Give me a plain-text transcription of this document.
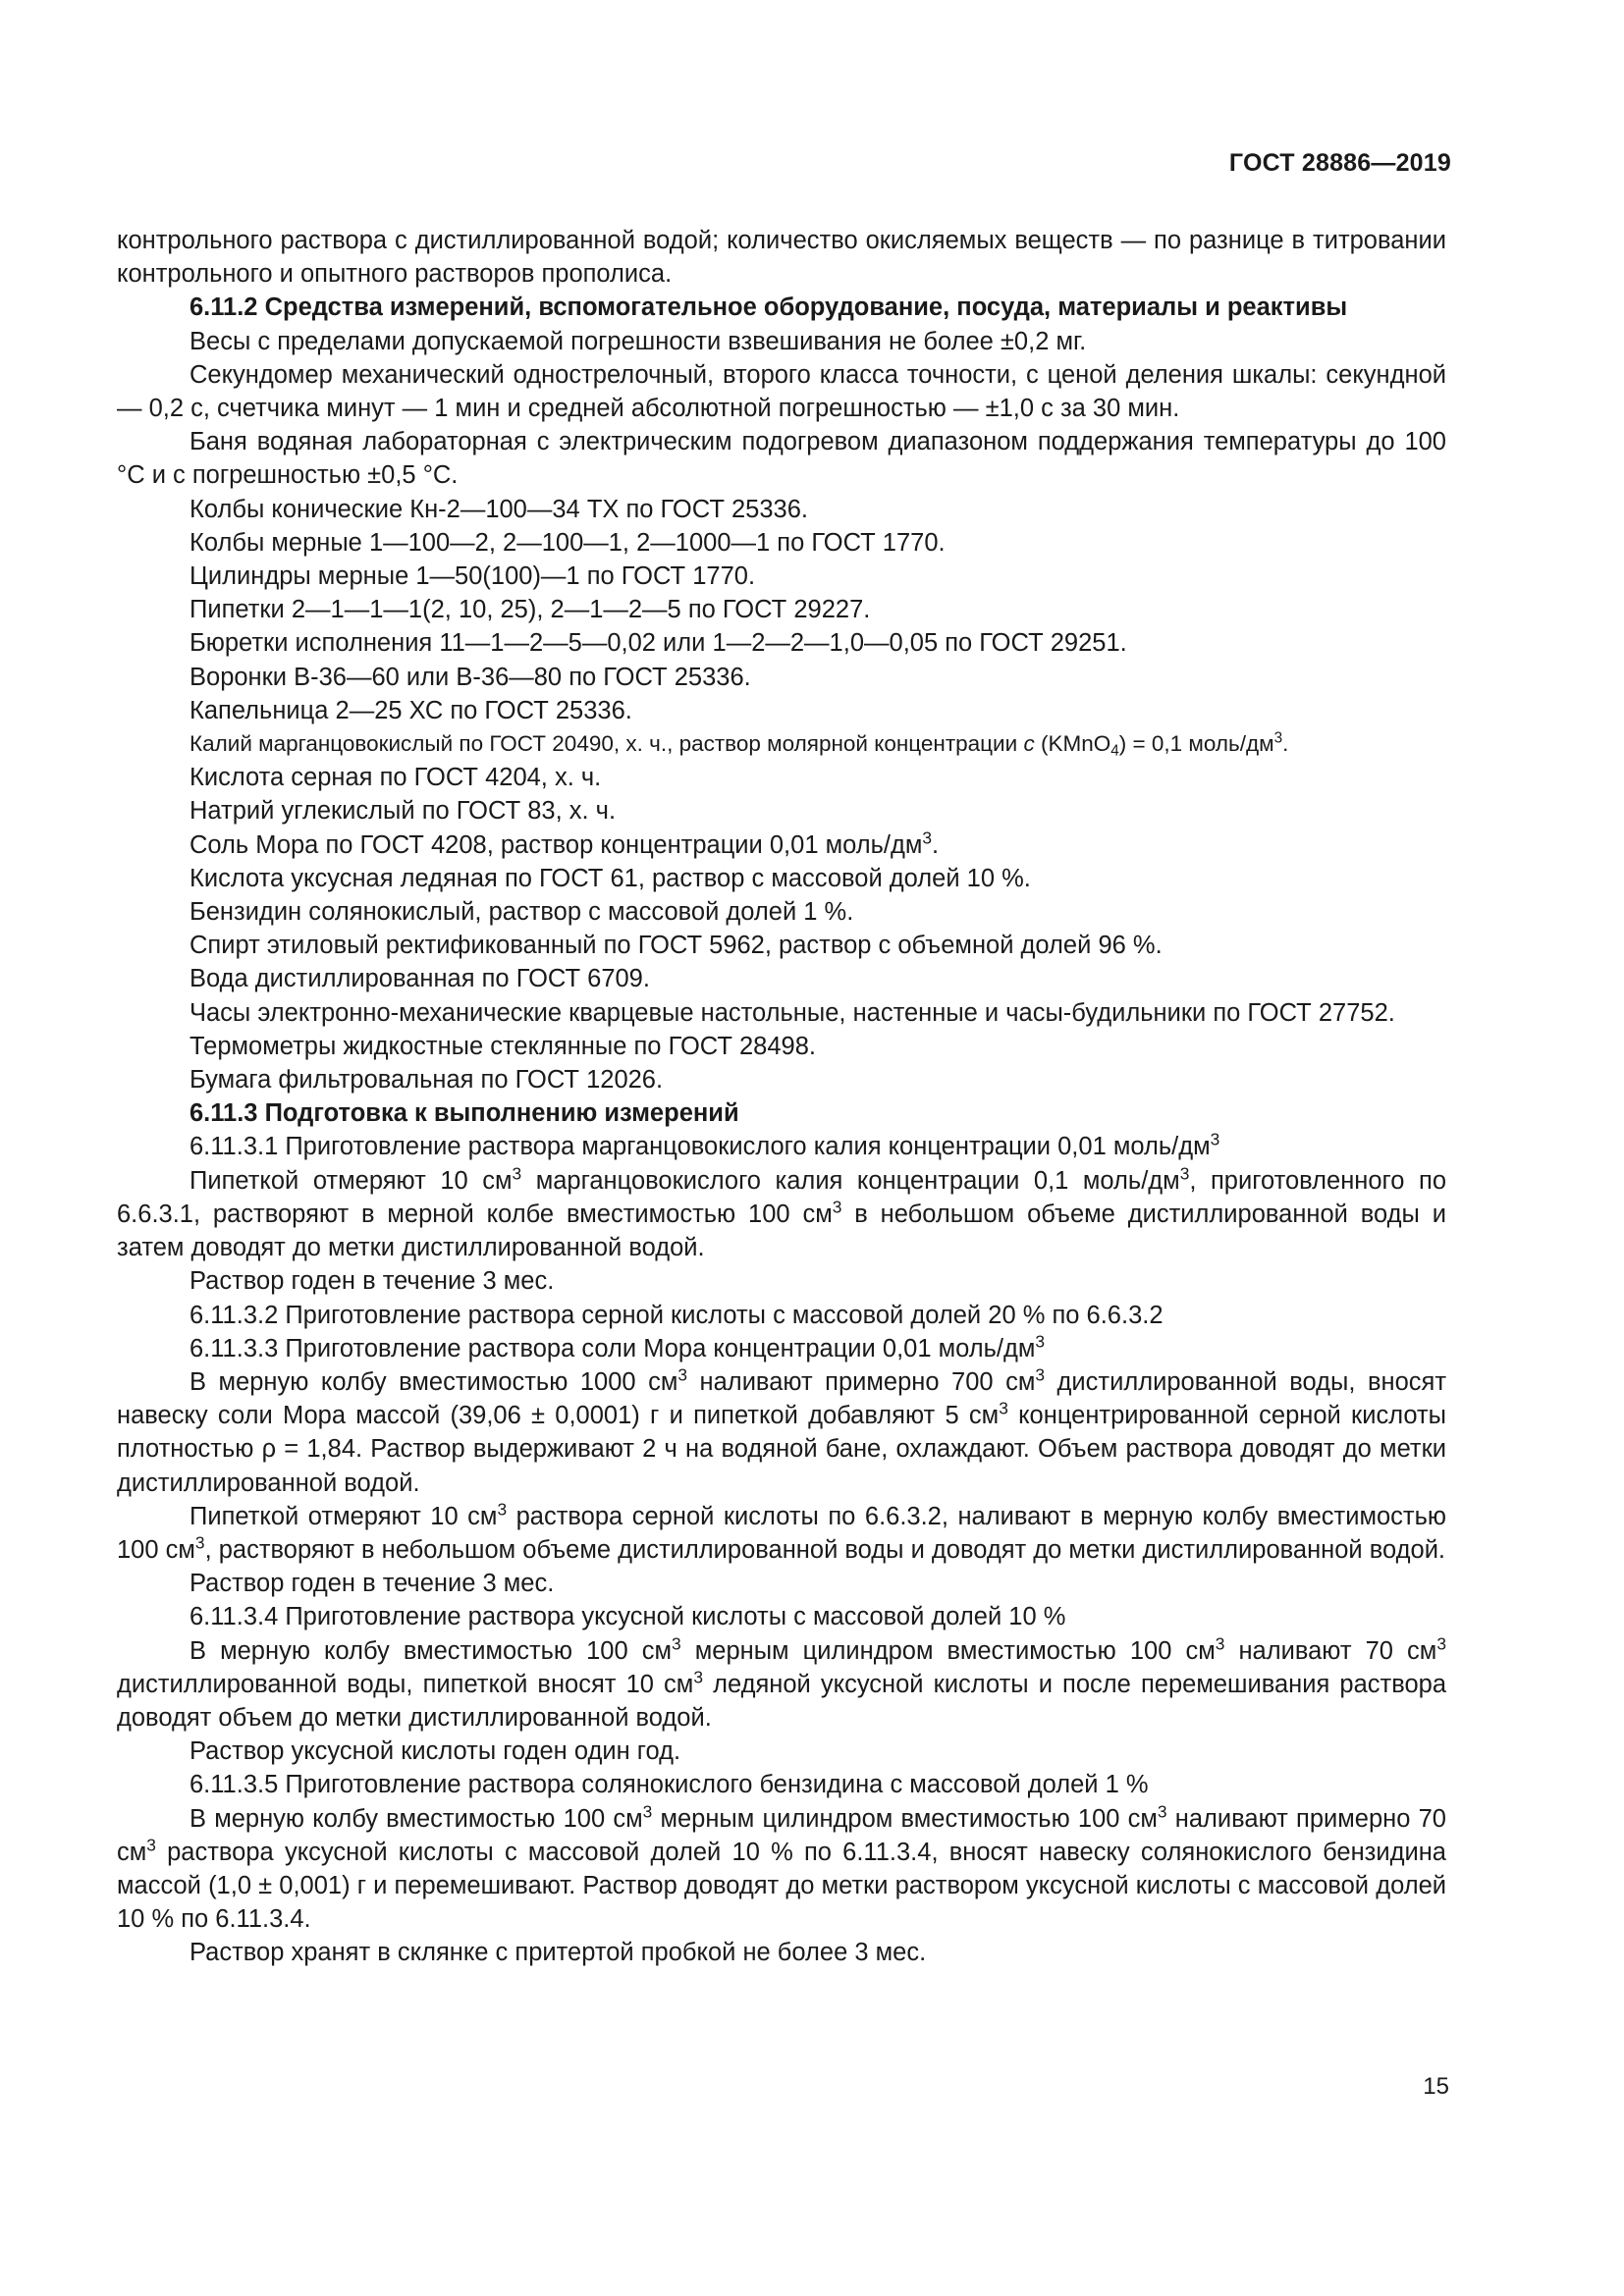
ГОСТ 28886—2019

контрольного раствора с дистиллированной водой; количество окисляемых веществ — по разнице в титровании контрольного и опытного растворов прополиса.

6.11.2 Средства измерений, вспомогательное оборудование, посуда, материалы и реактивы

Весы с пределами допускаемой погрешности взвешивания не более ±0,2 мг.

Секундомер механический однострелочный, второго класса точности, с ценой деления шкалы: секундной — 0,2 с, счетчика минут — 1 мин и средней абсолютной погрешностью — ±1,0 с за 30 мин.

Баня водяная лабораторная с электрическим подогревом диапазоном поддержания температуры до 100 °С и с погрешностью ±0,5 °С.

Колбы конические Кн-2—100—34 ТХ по ГОСТ 25336.

Колбы мерные 1—100—2, 2—100—1, 2—1000—1 по ГОСТ 1770.

Цилиндры мерные 1—50(100)—1 по ГОСТ 1770.

Пипетки 2—1—1—1(2, 10, 25), 2—1—2—5 по ГОСТ 29227.

Бюретки исполнения 11—1—2—5—0,02 или 1—2—2—1,0—0,05 по ГОСТ 29251.

Воронки В-36—60 или В-36—80 по ГОСТ 25336.

Капельница 2—25 ХС по ГОСТ 25336.

Калий марганцовокислый по ГОСТ 20490, х. ч., раствор молярной концентрации c (KMnO$_4$) = 0,1 моль/$дм^3$.

Кислота серная по ГОСТ 4204, х. ч.

Натрий углекислый по ГОСТ 83, х. ч.

Соль Мора по ГОСТ 4208, раствор концентрации 0,01 моль/$дм^3$.

Кислота уксусная ледяная по ГОСТ 61, раствор с массовой долей 10 %.

Бензидин солянокислый, раствор с массовой долей 1 %.

Спирт этиловый ректификованный по ГОСТ 5962, раствор с объемной долей 96 %.

Вода дистиллированная по ГОСТ 6709.

Часы электронно-механические кварцевые настольные, настенные и часы-будильники по ГОСТ 27752.

Термометры жидкостные стеклянные по ГОСТ 28498.

Бумага фильтровальная по ГОСТ 12026.

6.11.3 Подготовка к выполнению измерений

6.11.3.1 Приготовление раствора марганцовокислого калия концентрации 0,01 моль/$дм^3$

Пипеткой отмеряют 10 $см^3$ марганцовокислого калия концентрации 0,1 моль/$дм^3$, приготовленного по 6.6.3.1, растворяют в мерной колбе вместимостью 100 $см^3$ в небольшом объеме дистиллированной воды и затем доводят до метки дистиллированной водой.

Раствор годен в течение 3 мес.

6.11.3.2 Приготовление раствора серной кислоты с массовой долей 20 % по 6.6.3.2

6.11.3.3 Приготовление раствора соли Мора концентрации 0,01 моль/$дм^3$

В мерную колбу вместимостью 1000 $см^3$ наливают примерно 700 $см^3$ дистиллированной воды, вносят навеску соли Мора массой (39,06 ± 0,0001) г и пипеткой добавляют 5 $см^3$ концентрированной серной кислоты плотностью ρ = 1,84. Раствор выдерживают 2 ч на водяной бане, охлаждают. Объем раствора доводят до метки дистиллированной водой.

Пипеткой отмеряют 10 $см^3$ раствора серной кислоты по 6.6.3.2, наливают в мерную колбу вместимостью 100 $см^3$, растворяют в небольшом объеме дистиллированной воды и доводят до метки дистиллированной водой.

Раствор годен в течение 3 мес.

6.11.3.4 Приготовление раствора уксусной кислоты с массовой долей 10 %

В мерную колбу вместимостью 100 $см^3$ мерным цилиндром вместимостью 100 $см^3$ наливают 70 $см^3$ дистиллированной воды, пипеткой вносят 10 $см^3$ ледяной уксусной кислоты и после перемешивания раствора доводят объем до метки дистиллированной водой.

Раствор уксусной кислоты годен один год.

6.11.3.5 Приготовление раствора солянокислого бензидина с массовой долей 1 %

В мерную колбу вместимостью 100 $см^3$ мерным цилиндром вместимостью 100 $см^3$ наливают примерно 70 $см^3$ раствора уксусной кислоты с массовой долей 10 % по 6.11.3.4, вносят навеску солянокислого бензидина массой (1,0 ± 0,001) г и перемешивают. Раствор доводят до метки раствором уксусной кислоты с массовой долей 10 % по 6.11.3.4.

Раствор хранят в склянке с притертой пробкой не более 3 мес.

15
